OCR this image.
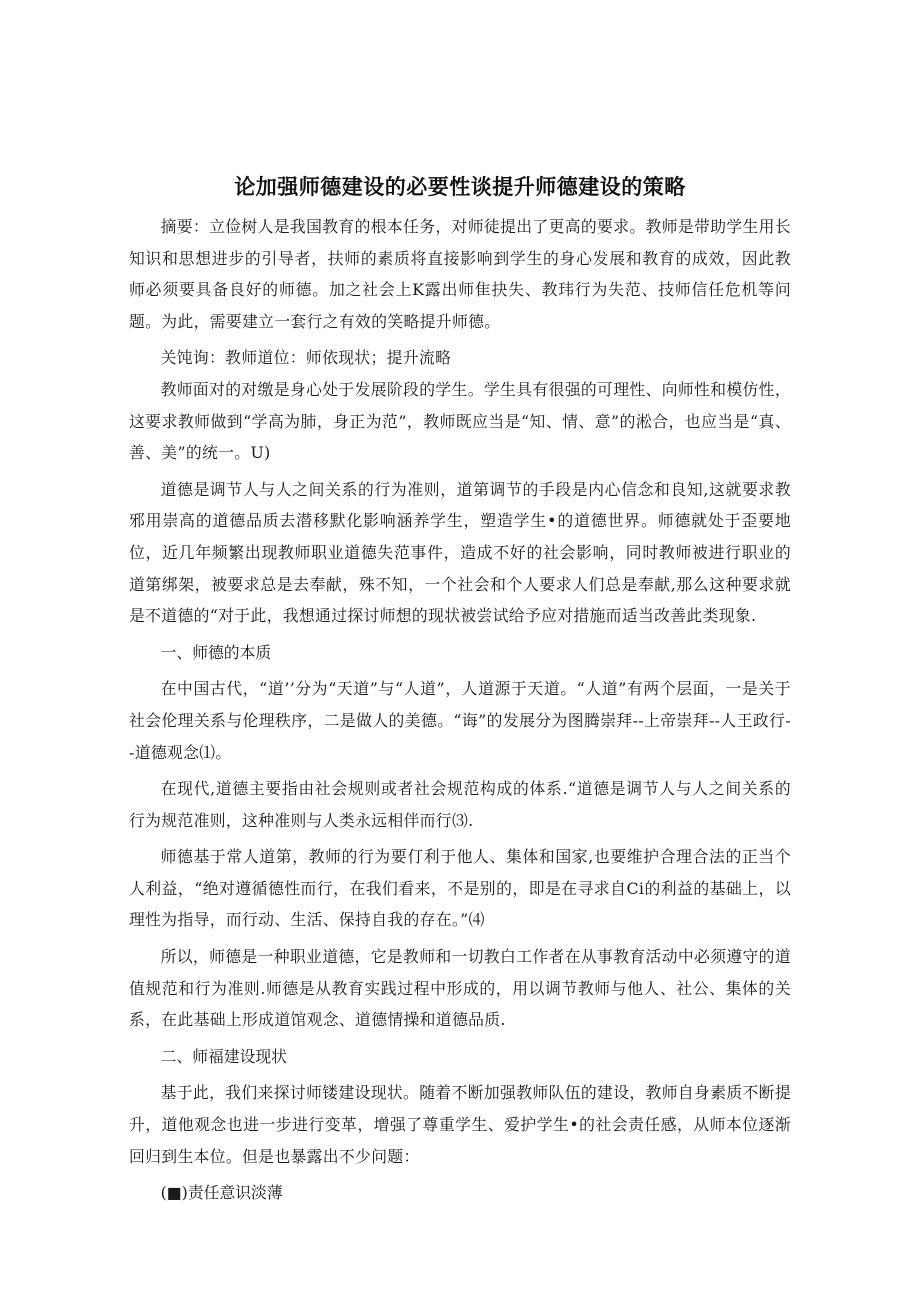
论加强师德建设的必要性谈提升师德建设的策略

摘要：立俭树人是我国教育的根本任务，对师徒提出了更高的要求。教师是带助学生用长知识和思想进步的引导者，扶师的素质将直接影响到学生的身心发展和教育的成效，因此教师必须要具备良好的师德。加之社会上K露出师隹抉失、教玮行为失范、技师信任危机等问题。为此，需要建立一套行之有效的笑略提升师德。

关饨询：教师道位：师依现状；提升流略

教师面对的对缴是身心处于发展阶段的学生。学生具有很强的可理性、向师性和模仿性，这要求教师做到“学高为肺，身正为范”，教师既应当是“知、情、意”的淞合，也应当是“真、善、美”的统一。U)

道德是调节人与人之间关系的行为准则，道第调节的手段是内心信念和良知,这就要求教邪用崇高的道德品质去潜移默化影响涵养学生，塑造学生•的道德世界。师德就处于歪要地位，近几年频繁出现教师职业道德失范事件，造成不好的社会影响，同时教师被进行职业的道第绑架，被要求总是去奉献，殊不知，一个社会和个人要求人们总是奉献,那么这种要求就是不道德的“对于此，我想通过探讨师想的现状被尝试给予应对措施而适当改善此类现象.

一、师德的本质

在中国古代，“道’’分为“天道”与“人道”，人道源于天道。“人道”有两个层面，一是关于社会伦理关系与伦理秩序，二是做人的美德。“诲”的发展分为图腾崇拜--上帝崇拜--人王政行--道德观念⑴。

在现代,道德主要指由社会规则或者社会规范构成的体系.“道德是调节人与人之间关系的行为规范准则，这种准则与人类永远相伴而行⑶.

师德基于常人道第，教师的行为要仃利于他人、集体和国家,也要维护合理合法的正当个人利益，“绝对遵循德性而行，在我们看来，不是别的，即是在寻求自Ci的利益的基础上，以理性为指导，而行动、生活、保持自我的存在。”⑷

所以，师德是一种职业道德，它是教师和一切教白工作者在从事教育活动中必须遵守的道值规范和行为准则.师德是从教育实践过程中形成的，用以调节教师与他人、社公、集体的关系，在此基础上形成道馆观念、道德情操和道德品质.

二、师福建设现状

基于此，我们来探讨师镂建设现状。随着不断加强教师队伍的建设，教师自身素质不断提升，道他观念也进一步进行变革，增强了尊重学生、爱护学生•的社会责任感，从师本位逐渐回归到生本位。但是也暴露出不少问题：

(■)责任意识淡薄
